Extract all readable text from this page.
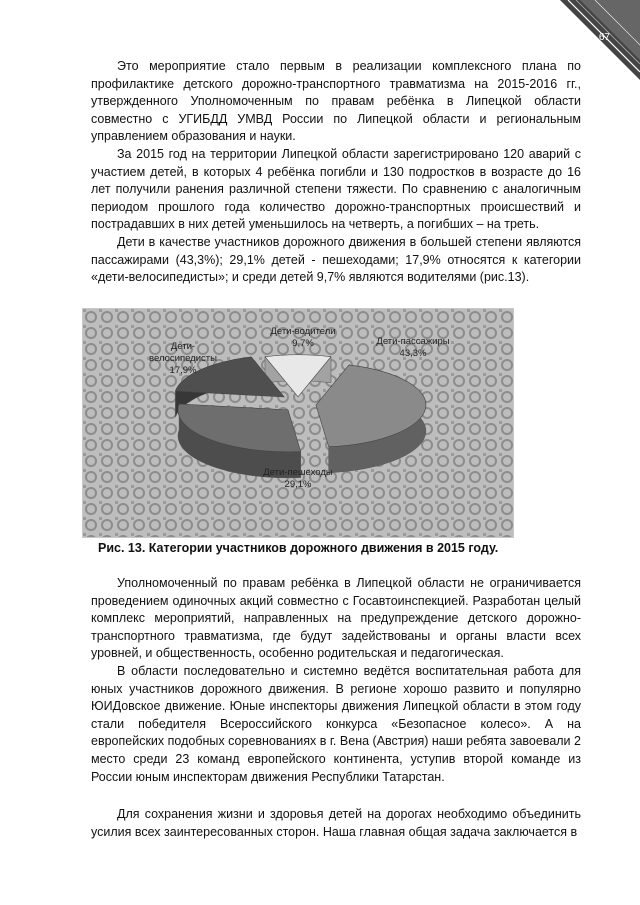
67

Это мероприятие стало первым в реализации комплексного плана по профилактике детского дорожно-транспортного травматизма на 2015-2016 гг., утвержденного Уполномоченным по правам ребёнка в Липецкой области совместно с УГИБДД УМВД России по Липецкой области и региональным управлением образования и науки.

За 2015 год на территории Липецкой области зарегистрировано 120 аварий с участием детей, в которых 4 ребёнка погибли и 130 подростков в возрасте до 16 лет получили ранения различной степени тяжести. По сравнению с аналогичным периодом прошлого года количество дорожно-транспортных происшествий и пострадавших в них детей уменьшилось на четверть, а погибших – на треть.

Дети в качестве участников дорожного движения в большей степени являются пассажирами (43,3%); 29,1% детей - пешеходами; 17,9% относятся к категории «дети-велосипедисты»; и среди детей 9,7% являются водителями (рис.13).

Дети-пассажиры
43,3%
Дети-пешеходы
29,1%
Дети-
велосипедисты
17,9%
Дети-водители
9,7%
Рис. 13. Категории участников дорожного движения в 2015 году.

Уполномоченный по правам ребёнка в Липецкой области не ограничивается проведением одиночных акций совместно с Госавтоинспекцией. Разработан целый комплекс мероприятий, направленных на предупреждение детского дорожно-транспортного травматизма, где будут задействованы и органы власти всех уровней, и общественность, особенно родительская и педагогическая.

В области последовательно и системно ведётся воспитательная работа для юных участников дорожного движения. В регионе хорошо развито и популярно ЮИДовское движение. Юные инспекторы движения Липецкой области в этом году стали победителя Всероссийского конкурса «Безопасное колесо». А на европейских подобных соревнованиях в г. Вена (Австрия) наши ребята завоевали 2 место среди 23 команд европейского континента, уступив второй команде из России юным инспекторам движения Республики Татарстан.

Для сохранения жизни и здоровья детей на дорогах необходимо объединить усилия всех заинтересованных сторон. Наша главная общая задача заключается в
